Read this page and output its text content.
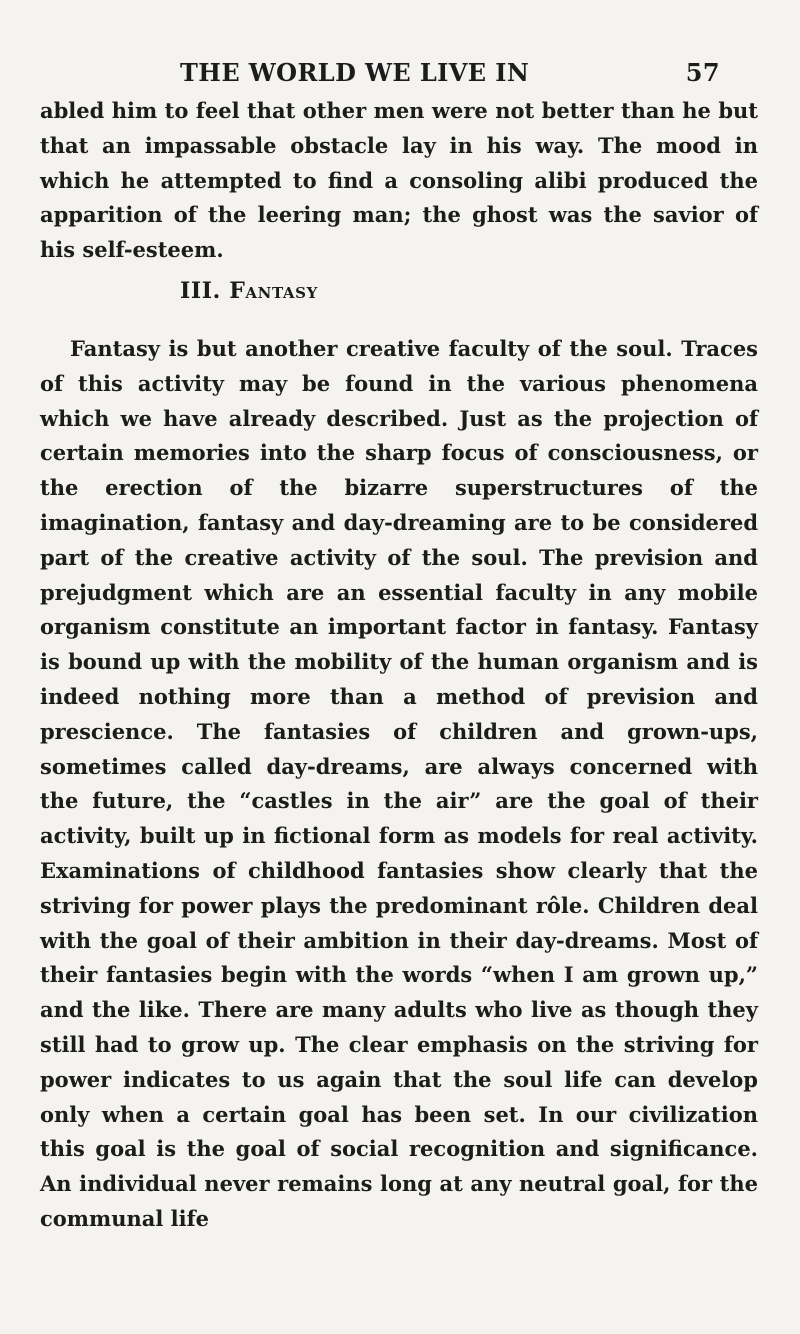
THE WORLD WE LIVE IN	57
abled him to feel that other men were not better than he but that an impassable obstacle lay in his way. The mood in which he attempted to find a consoling alibi produced the apparition of the leering man; the ghost was the savior of his self-esteem.
III. Fantasy
Fantasy is but another creative faculty of the soul. Traces of this activity may be found in the various phenomena which we have already described. Just as the projection of certain memories into the sharp focus of consciousness, or the erection of the bizarre superstructures of the imagination, fantasy and day-dreaming are to be considered part of the creative activity of the soul. The prevision and prejudgment which are an essential faculty in any mobile organism constitute an important factor in fantasy. Fantasy is bound up with the mobility of the human organism and is indeed nothing more than a method of prevision and prescience. The fantasies of children and grown-ups, sometimes called day-dreams, are always concerned with the future, the “castles in the air” are the goal of their activity, built up in fictional form as models for real activity. Examinations of childhood fantasies show clearly that the striving for power plays the predominant rôle. Children deal with the goal of their ambition in their day-dreams. Most of their fantasies begin with the words “when I am grown up,” and the like. There are many adults who live as though they still had to grow up. The clear emphasis on the striving for power indicates to us again that the soul life can develop only when a certain goal has been set. In our civilization this goal is the goal of social recognition and significance. An individual never remains long at any neutral goal, for the communal life
